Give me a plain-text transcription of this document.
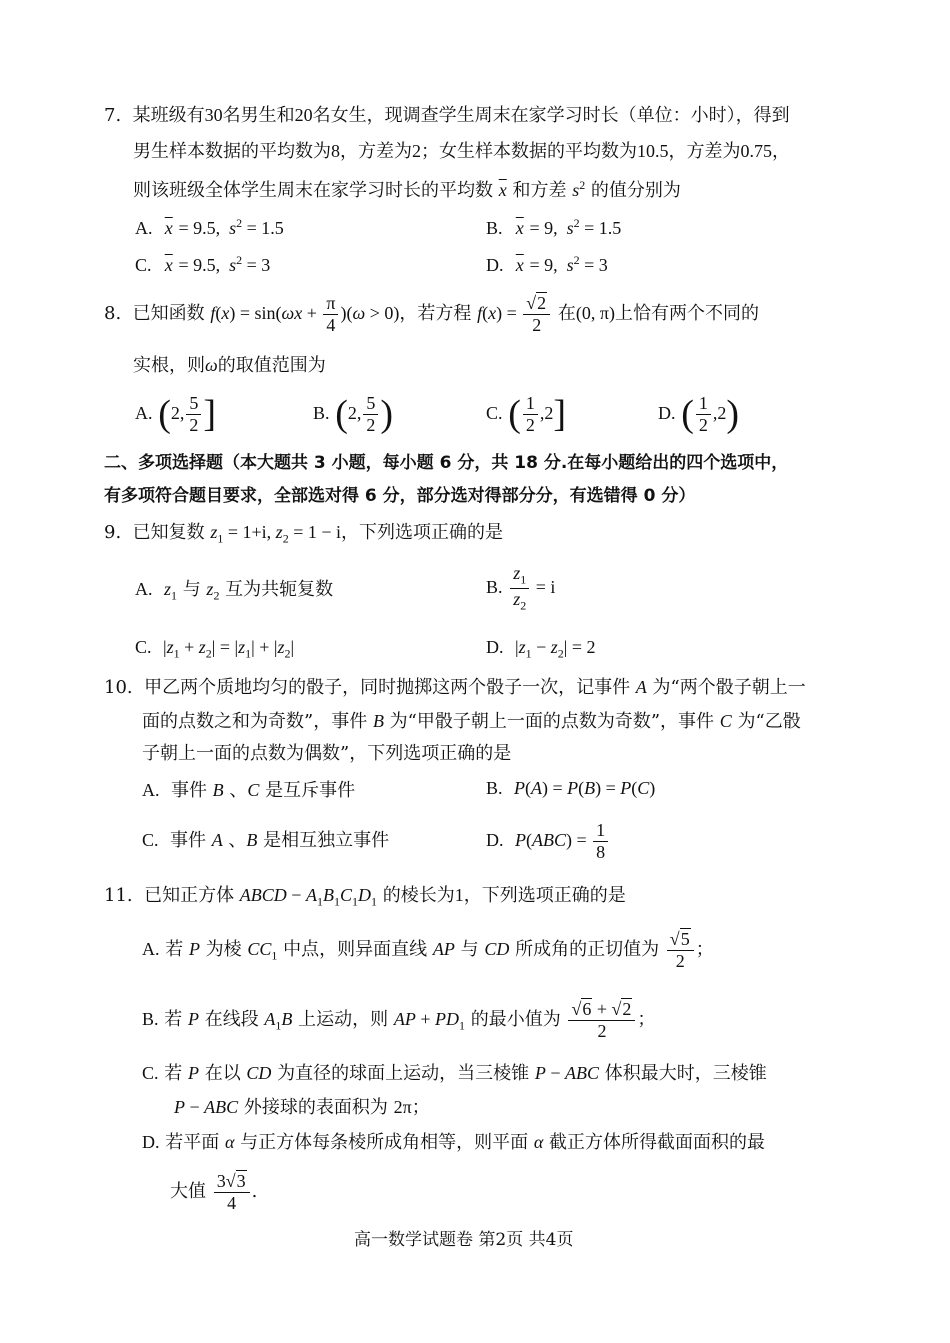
7.  某班级有30名男生和20名女生，现调查学生周末在家学习时长（单位：小时），得到
男生样本数据的平均数为8，方差为2；女生样本数据的平均数为10.5，方差为0.75，
则该班级全体学生周末在家学习时长的平均数 $\overline{x}$ 和方差 $s^2$ 的值分别为
A. $\overline{x} = 9.5$,  $s^2 = 1.5$	B. $\overline{x} = 9$,  $s^2 = 1.5$
C. $\overline{x} = 9.5$,  $s^2 = 3$	D. $\overline{x} = 9$,  $s^2 = 3$
8.  已知函数 $f(x) = \sin(\omega x + \frac{\pi}{4} )(\omega > 0)$，若方程 $f(x) = \frac{√2}{2}$ 在(0, π)上恰有两个不同的
实根，则ω的取值范围为
A. (2, $\frac{5}{2}$ ]	B. (2, $\frac{5}{2}$ )	C. ( $\frac{1}{2} ,2$]	D. ( $\frac{1}{2} ,2$)
二、多项选择题（本大题共 3 小题，每小题 6 分，共 18 分.在每小题给出的四个选项中，
有多项符合题目要求，全部选对得 6 分，部分选对得部分分，有选错得 0 分）
9.  已知复数 $z_1 = 1+i$, $z_2 = 1 - i$，下列选项正确的是
A. $z_1$ 与 $z_2$ 互为共轭复数	B. $\frac{z_1}{z_2} = i$
C. $|z_1 + z_2| = |z_1| + |z_2|$	D. $|z_1 - z_2| = 2$
10.  甲乙两个质地均匀的骰子，同时抛掷这两个骰子一次，记事件 A 为“两个骰子朝上一
面的点数之和为奇数”，事件 B 为“甲骰子朝上一面的点数为奇数”，事件 C 为“乙骰
子朝上一面的点数为偶数”，下列选项正确的是
A.  事件 B 、C 是互斥事件	B. P(A) = P(B) = P(C)
C.  事件 A 、B 是相互独立事件	D. $P(ABC) = \frac{1}{8}$
11.  已知正方体 ABCD − $A_1B_1C_1D_1$ 的棱长为1，下列选项正确的是
A. 若 P 为棱 $CC_1$ 中点，则异面直线 AP 与 CD 所成角的正切值为 $\frac{√5}{2}$ ；
B. 若 P 在线段 $A_1B$ 上运动，则 AP + $PD_1$ 的最小值为 $\frac{√6 + √2}{2}$ ；
C. 若 P 在以 CD 为直径的球面上运动，当三棱锥 P − ABC 体积最大时，三棱锥
P − ABC 外接球的表面积为 2π；
D. 若平面 α 与正方体每条棱所成角相等，则平面 α 截正方体所得截面面积的最
大值 $\frac{3√3}{4}$ .
高一数学试题卷 第2页 共4页
